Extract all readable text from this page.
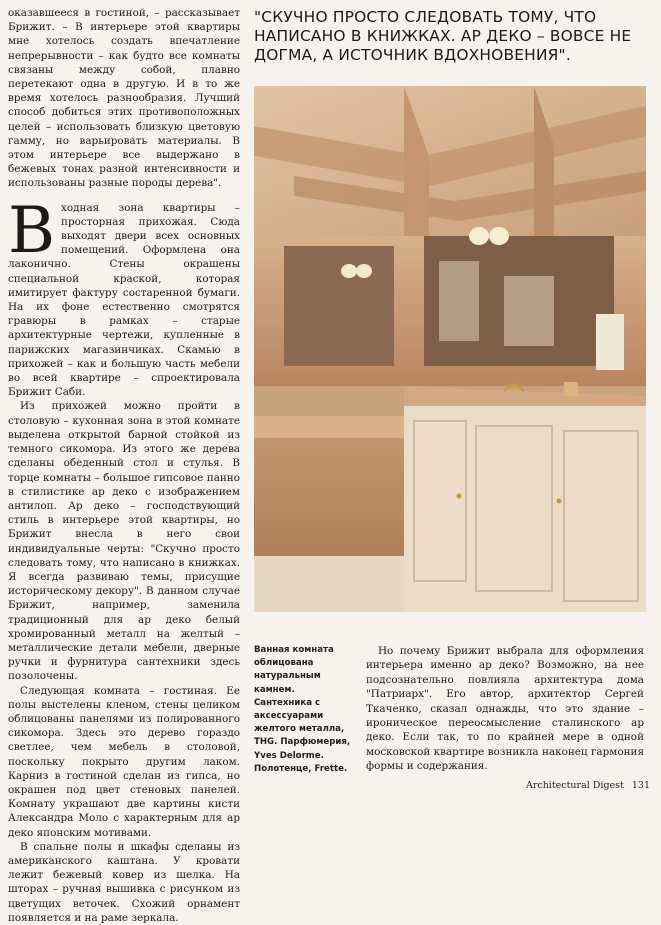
оказавшееся в гостиной, – рассказывает Брижит. – В интерьере этой квартиры мне хотелось создать впечатление непрерывности – как будто все комнаты связаны между собой, плавно перетекают одна в другую. И в то же время хотелось разнообразия. Лучший способ добиться этих противоположных целей – использовать близкую цветовую гамму, но варьировать материалы. В этом интерьере все выдержано в бежевых тонах разной интенсивности и использованы разные породы дерева".

Входная зона квартиры – просторная прихожая. Сюда выходят двери всех основных помещений. Оформлена она лаконично. Стены окрашены специальной краской, которая имитирует фактуру состаренной бумаги. На их фоне естественно смотрятся гравюры в рамках – старые архитектурные чертежи, купленные в парижских магазинчиках. Скамью в прихожей – как и большую часть мебели во всей квартире – спроектировала Брижит Саби.

Из прихожей можно пройти в столовую – кухонная зона в этой комнате выделена открытой барной стойкой из темного сикомора. Из этого же дерева сделаны обеденный стол и стулья. В торце комнаты – большое гипсовое панно в стилистике ар деко с изображением антилоп. Ар деко – господствующий стиль в интерьере этой квартиры, но Брижит внесла в него свои индивидуальные черты: "Скучно просто следовать тому, что написано в книжках. Я всегда развиваю темы, присущие историческому декору". В данном случае Брижит, например, заменила традиционный для ар деко белый хромированный металл на желтый – металлические детали мебели, дверные ручки и фурнитура сантехники здесь позолочены.

Следующая комната – гостиная. Ее полы выстелены кленом, стены целиком облицованы панелями из полированного сикомора. Здесь это дерево гораздо светлее, чем мебель в столовой, поскольку покрыто другим лаком. Карниз в гостиной сделан из гипса, но окрашен под цвет стеновых панелей. Комнату украшают две картины кисти Александра Моло с характерным для ар деко японским мотивами.

В спальне полы и шкафы сделаны из американского каштана. У кровати лежит бежевый ковер из шелка. На шторах – ручная вышивка с рисунком из цветущих веточек. Схожий орнамент появляется и на раме зеркала.

"СКУЧНО ПРОСТО СЛЕДОВАТЬ ТОМУ, ЧТО НАПИСАНО В КНИЖКАХ. АР ДЕКО – ВОВСЕ НЕ ДОГМА, А ИСТОЧНИК ВДОХНОВЕНИЯ".
Ванная комната облицована натуральным камнем. Сантехника с аксессуарами желтого металла, THG. Парфюмерия, Yves Delorme. Полотенце, Frette.

Но почему Брижит выбрала для оформления интерьера именно ар деко? Возможно, на нее подсознательно повлияла архитектура дома "Патриарх". Его автор, архитектор Сергей Ткаченко, сказал однажды, что это здание – ироническое переосмысление сталинского ар деко. Если так, то по крайней мере в одной московской квартире возникла наконец гармония формы и содержания.

Architectural Digest 131
